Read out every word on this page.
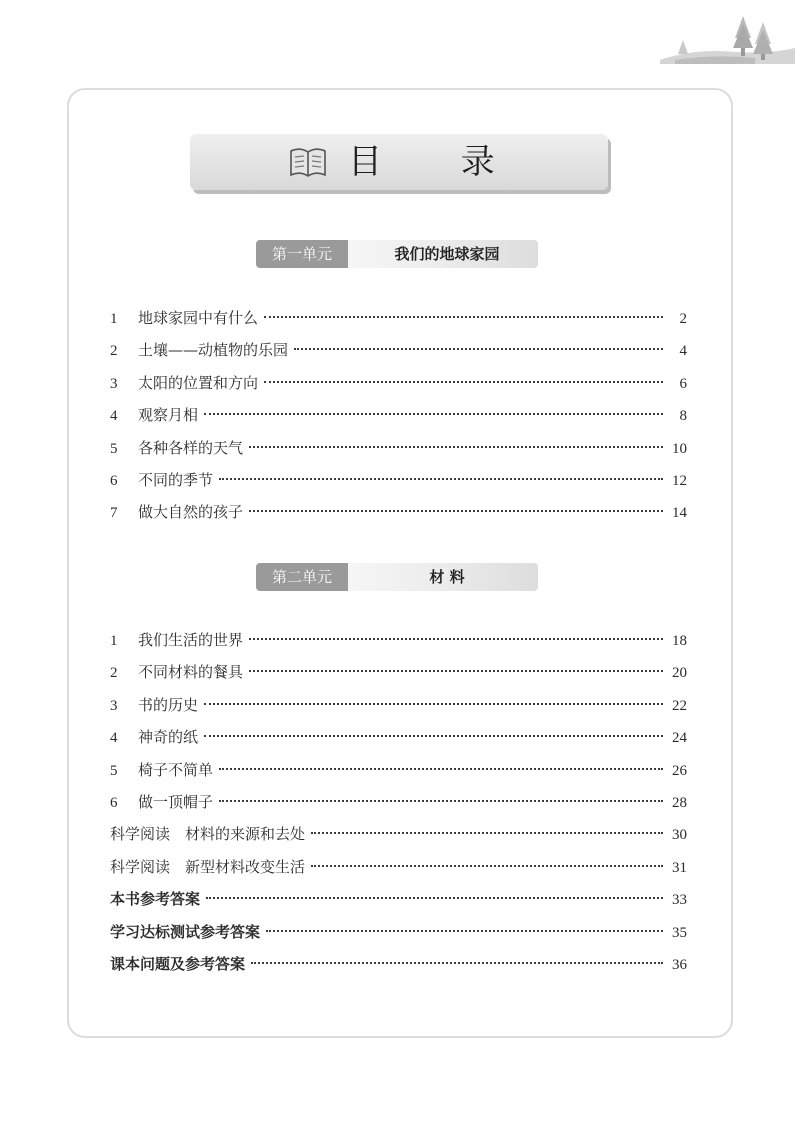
目 录
第一单元	我们的地球家园
1	地球家园中有什么	2
2	土壤——动植物的乐园	4
3	太阳的位置和方向	6
4	观察月相	8
5	各种各样的天气	10
6	不同的季节	12
7	做大自然的孩子	14
第二单元	材 料
1	我们生活的世界	18
2	不同材料的餐具	20
3	书的历史	22
4	神奇的纸	24
5	椅子不简单	26
6	做一顶帽子	28
科学阅读　材料的来源和去处	30
科学阅读　新型材料改变生活	31
本书参考答案	33
学习达标测试参考答案	35
课本问题及参考答案	36
